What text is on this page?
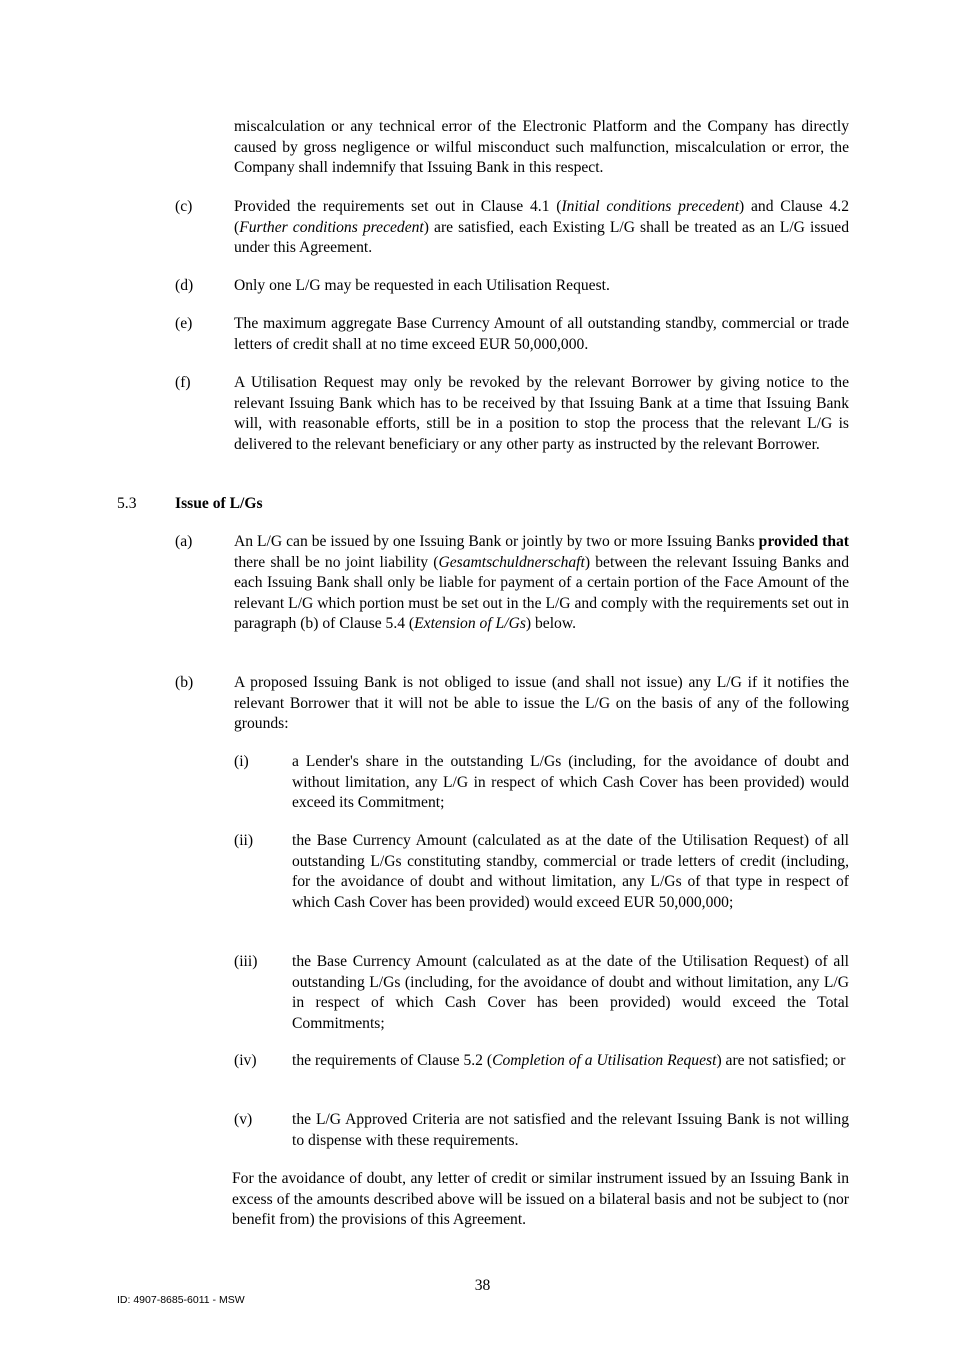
miscalculation or any technical error of the Electronic Platform and the Company has directly caused by gross negligence or wilful misconduct such malfunction, miscalculation or error, the Company shall indemnify that Issuing Bank in this respect.
(c)	Provided the requirements set out in Clause 4.1 (Initial conditions precedent) and Clause 4.2 (Further conditions precedent) are satisfied, each Existing L/G shall be treated as an L/G issued under this Agreement.
(d)	Only one L/G may be requested in each Utilisation Request.
(e)	The maximum aggregate Base Currency Amount of all outstanding standby, commercial or trade letters of credit shall at no time exceed EUR 50,000,000.
(f)	A Utilisation Request may only be revoked by the relevant Borrower by giving notice to the relevant Issuing Bank which has to be received by that Issuing Bank at a time that Issuing Bank will, with reasonable efforts, still be in a position to stop the process that the relevant L/G is delivered to the relevant beneficiary or any other party as instructed by the relevant Borrower.
5.3 Issue of L/Gs
(a)	An L/G can be issued by one Issuing Bank or jointly by two or more Issuing Banks provided that there shall be no joint liability (Gesamtschuldnerschaft) between the relevant Issuing Banks and each Issuing Bank shall only be liable for payment of a certain portion of the Face Amount of the relevant L/G which portion must be set out in the L/G and comply with the requirements set out in paragraph (b) of Clause 5.4 (Extension of L/Gs) below.
(b)	A proposed Issuing Bank is not obliged to issue (and shall not issue) any L/G if it notifies the relevant Borrower that it will not be able to issue the L/G on the basis of any of the following grounds:
(i)	a Lender's share in the outstanding L/Gs (including, for the avoidance of doubt and without limitation, any L/G in respect of which Cash Cover has been provided) would exceed its Commitment;
(ii) the Base Currency Amount (calculated as at the date of the Utilisation Request) of all outstanding L/Gs constituting standby, commercial or trade letters of credit (including, for the avoidance of doubt and without limitation, any L/Gs of that type in respect of which Cash Cover has been provided) would exceed EUR 50,000,000;
(iii) the Base Currency Amount (calculated as at the date of the Utilisation Request) of all outstanding L/Gs (including, for the avoidance of doubt and without limitation, any L/G in respect of which Cash Cover has been provided) would exceed the Total Commitments;
(iv) the requirements of Clause 5.2 (Completion of a Utilisation Request) are not satisfied; or
(v)	the L/G Approved Criteria are not satisfied and the relevant Issuing Bank is not willing to dispense with these requirements.
For the avoidance of doubt, any letter of credit or similar instrument issued by an Issuing Bank in excess of the amounts described above will be issued on a bilateral basis and not be subject to (nor benefit from) the provisions of this Agreement.
38
ID: 4907-8685-6011 - MSW
